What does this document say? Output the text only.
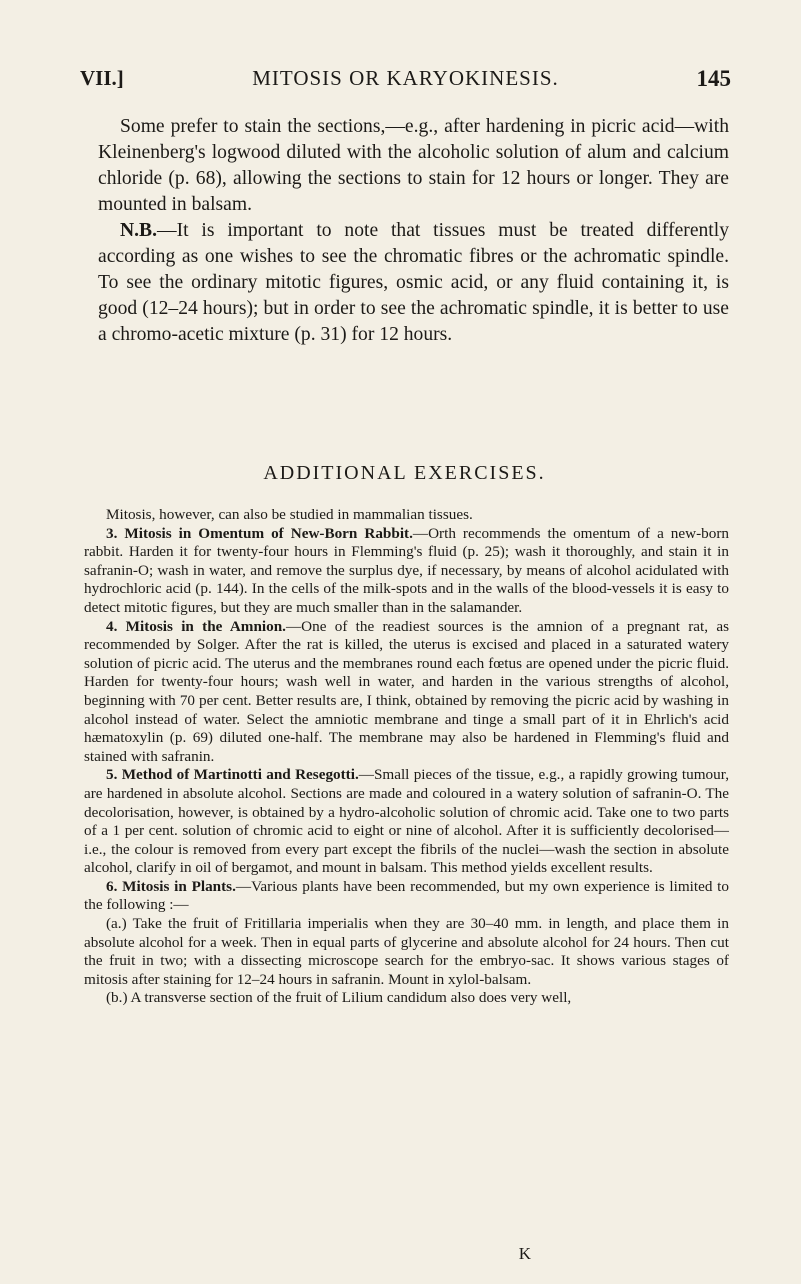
VII.]	MITOSIS OR KARYOKINESIS.	145

Some prefer to stain the sections,—e.g., after hardening in picric acid—with Kleinenberg's logwood diluted with the alcoholic solution of alum and calcium chloride (p. 68), allowing the sections to stain for 12 hours or longer. They are mounted in balsam.

N.B.—It is important to note that tissues must be treated differently according as one wishes to see the chromatic fibres or the achromatic spindle. To see the ordinary mitotic figures, osmic acid, or any fluid containing it, is good (12–24 hours); but in order to see the achromatic spindle, it is better to use a chromo-acetic mixture (p. 31) for 12 hours.

ADDITIONAL EXERCISES.

Mitosis, however, can also be studied in mammalian tissues.

3. Mitosis in Omentum of New-Born Rabbit.—Orth recommends the omentum of a new-born rabbit. Harden it for twenty-four hours in Flemming's fluid (p. 25); wash it thoroughly, and stain it in safranin-O; wash in water, and remove the surplus dye, if necessary, by means of alcohol acidulated with hydrochloric acid (p. 144). In the cells of the milk-spots and in the walls of the blood-vessels it is easy to detect mitotic figures, but they are much smaller than in the salamander.

4. Mitosis in the Amnion.—One of the readiest sources is the amnion of a pregnant rat, as recommended by Solger. After the rat is killed, the uterus is excised and placed in a saturated watery solution of picric acid. The uterus and the membranes round each fœtus are opened under the picric fluid. Harden for twenty-four hours; wash well in water, and harden in the various strengths of alcohol, beginning with 70 per cent. Better results are, I think, obtained by removing the picric acid by washing in alcohol instead of water. Select the amniotic membrane and tinge a small part of it in Ehrlich's acid hæmatoxylin (p. 69) diluted one-half. The membrane may also be hardened in Flemming's fluid and stained with safranin.

5. Method of Martinotti and Resegotti.—Small pieces of the tissue, e.g., a rapidly growing tumour, are hardened in absolute alcohol. Sections are made and coloured in a watery solution of safranin-O. The decolorisation, however, is obtained by a hydro-alcoholic solution of chromic acid. Take one to two parts of a 1 per cent. solution of chromic acid to eight or nine of alcohol. After it is sufficiently decolorised—i.e., the colour is removed from every part except the fibrils of the nuclei—wash the section in absolute alcohol, clarify in oil of bergamot, and mount in balsam. This method yields excellent results.

6. Mitosis in Plants.—Various plants have been recommended, but my own experience is limited to the following :—

(a.) Take the fruit of Fritillaria imperialis when they are 30–40 mm. in length, and place them in absolute alcohol for a week. Then in equal parts of glycerine and absolute alcohol for 24 hours. Then cut the fruit in two; with a dissecting microscope search for the embryo-sac. It shows various stages of mitosis after staining for 12–24 hours in safranin. Mount in xylol-balsam.

(b.) A transverse section of the fruit of Lilium candidum also does very well,

K
